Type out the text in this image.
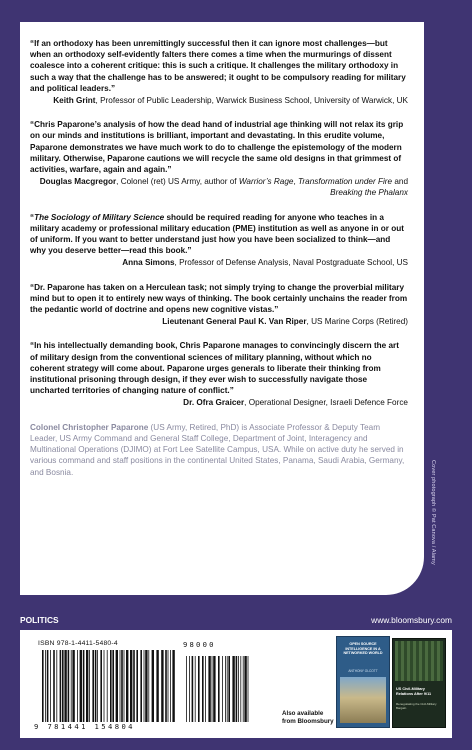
“If an orthodoxy has been unremittingly successful then it can ignore most challenges—but when an orthodoxy self-evidently falters there comes a time when the murmurings of dissent coalesce into a coherent critique: this is such a critique. It challenges the military orthodoxy in such a way that the challenge has to be answered; it ought to be compulsory reading for military and political leaders.”

Keith Grint, Professor of Public Leadership, Warwick Business School, University of Warwick, UK

“Chris Paparone’s analysis of how the dead hand of industrial age thinking will not relax its grip on our minds and institutions is brilliant, important and devastating. In this erudite volume, Paparone demonstrates we have much work to do to challenge the epistemology of the modern military. Otherwise, Paparone cautions we will recycle the same old designs in that grimmest of activities, warfare, again and again.”

Douglas Macgregor, Colonel (ret) US Army, author of Warrior’s Rage, Transformation under Fire and Breaking the Phalanx

“The Sociology of Military Science should be required reading for anyone who teaches in a military academy or professional military education (PME) institution as well as anyone in or out of uniform. If you want to better understand just how you have been socialized to think—and why you deserve better—read this book.”

Anna Simons, Professor of Defense Analysis, Naval Postgraduate School, US

“Dr. Paparone has taken on a Herculean task; not simply trying to change the proverbial military mind but to open it to entirely new ways of thinking. The book certainly unchains the reader from the pedantic world of doctrine and opens new cognitive vistas.”

Lieutenant General Paul K. Van Riper, US Marine Corps (Retired)

“In his intellectually demanding book, Chris Paparone manages to convincingly discern the art of military design from the conventional sciences of military planning, without which no coherent strategy will come about. Paparone urges generals to liberate their thinking from institutional prisoning through design, if they ever wish to successfully navigate those uncharted territories of changing nature of conflict.”

Dr. Ofra Graicer, Operational Designer, Israeli Defence Force

Colonel Christopher Paparone (US Army, Retired, PhD) is Associate Professor & Deputy Team Leader, US Army Command and General Staff College, Department of Joint, Interagency and Multinational Operations (DJIMO) at Fort Lee Satellite Campus, USA. While on active duty he served in various command and staff positions in the continental United States, Panama, Saudi Arabia, Germany, and Bosnia.	Cover photograph © Pat Canova / Alamy
POLITICS	www.bloomsbury.com
ISBN 978-1-4411-5480-4	98000
9 781441 154804
Also available
from Bloomsbury
OPEN SOURCE INTELLIGENCE IN A NETWORKED WORLD
ANTHONY OLCOTT
US Civil-Military Relations After 9/11
Renegotiating the Civil-Military Bargain
